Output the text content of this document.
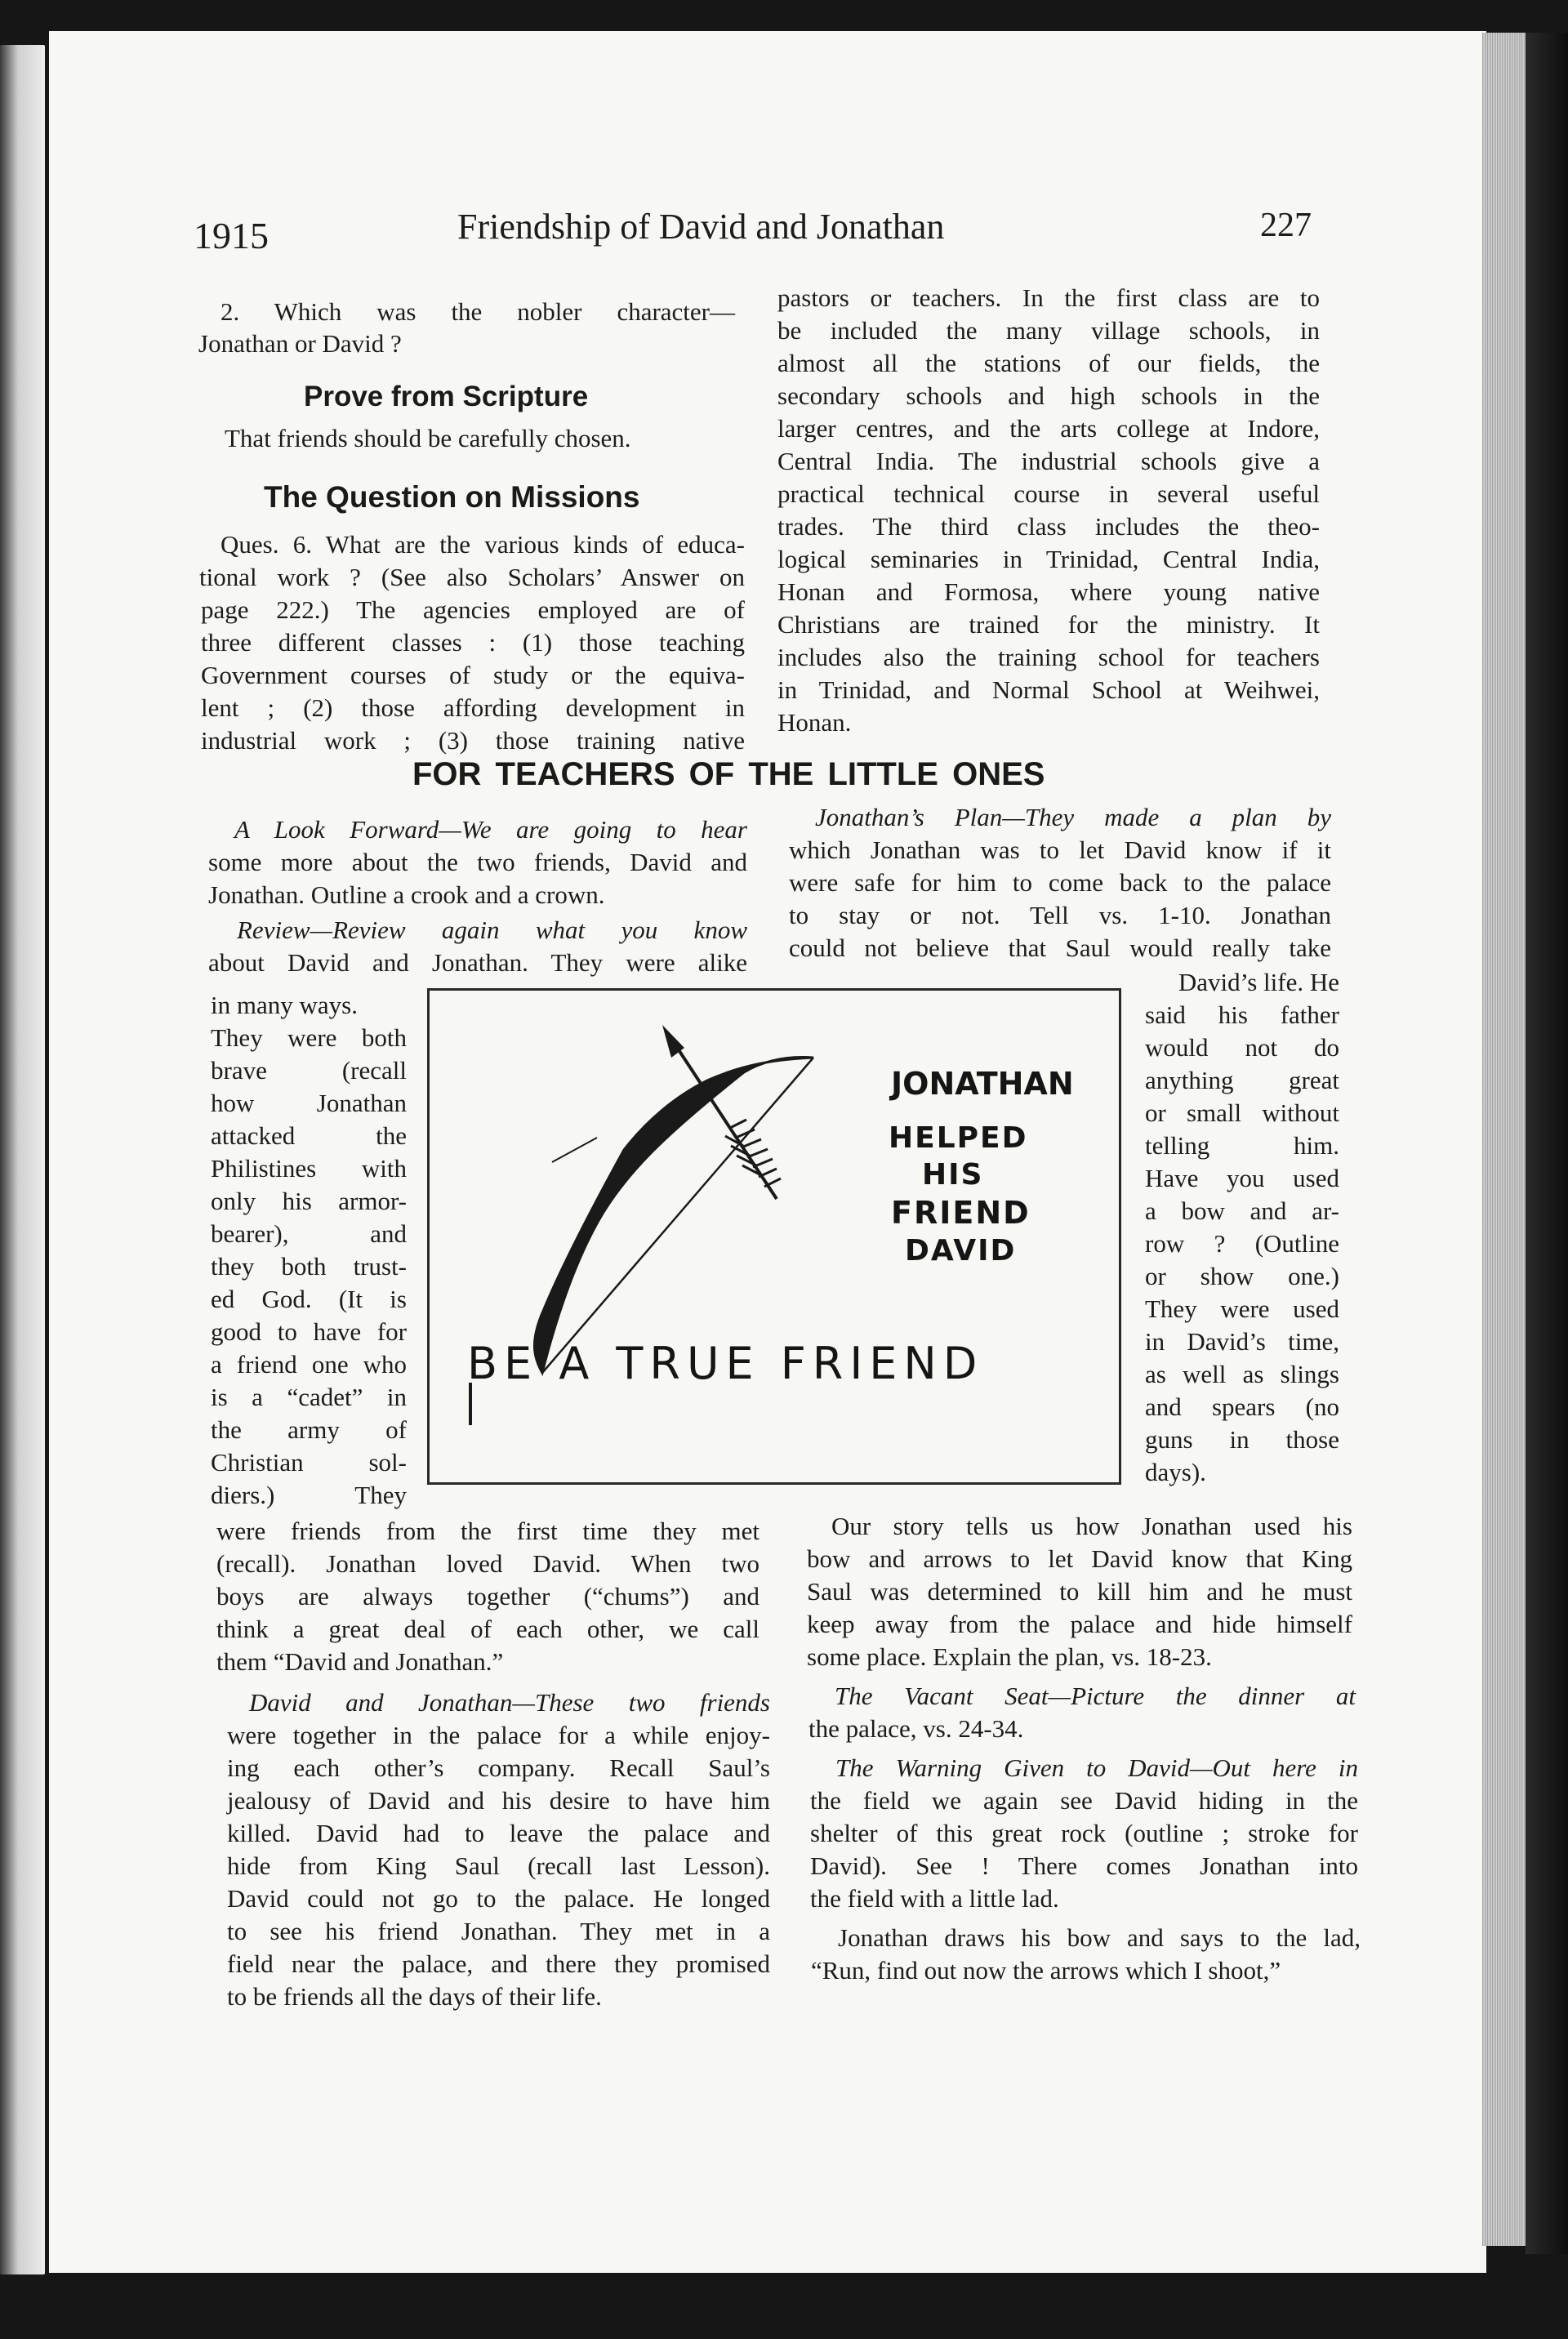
1915	Friendship of David and Jonathan	227

2. Which was the nobler character—

Jonathan or David ?

Prove from Scripture

That friends should be carefully chosen.

The Question on Missions

Ques. 6. What are the various kinds of educa-

tional work ? (See also Scholars’ Answer on

page 222.) The agencies employed are of

three different classes : (1) those teaching

Government courses of study or the equiva-

lent ; (2) those affording development in

industrial work ; (3) those training native

pastors or teachers. In the first class are to

be included the many village schools, in

almost all the stations of our fields, the

secondary schools and high schools in the

larger centres, and the arts college at Indore,

Central India. The industrial schools give a

practical technical course in several useful

trades. The third class includes the theo-

logical seminaries in Trinidad, Central India,

Honan and Formosa, where young native

Christians are trained for the ministry. It

includes also the training school for teachers

in Trinidad, and Normal School at Weihwei,

Honan.

FOR TEACHERS OF THE LITTLE ONES

A Look Forward—We are going to hear

some more about the two friends, David and

Jonathan. Outline a crook and a crown.

Review—Review again what you know

about David and Jonathan. They were alike

in many ways.

They were both

brave (recall

how Jonathan

attacked the

Philistines with

only his armor-

bearer), and

they both trust-

ed God. (It is

good to have for

a friend one who

is a “cadet” in

the army of

Christian sol-

diers.) They

were friends from the first time they met

(recall). Jonathan loved David. When two

boys are always together (“chums”) and

think a great deal of each other, we call

them “David and Jonathan.”

David and Jonathan—These two friends

were together in the palace for a while enjoy-

ing each other’s company. Recall Saul’s

jealousy of David and his desire to have him

killed. David had to leave the palace and

hide from King Saul (recall last Lesson).

David could not go to the palace. He longed

to see his friend Jonathan. They met in a

field near the palace, and there they promised

to be friends all the days of their life.

Jonathan’s Plan—They made a plan by

which Jonathan was to let David know if it

were safe for him to come back to the palace

to stay or not. Tell vs. 1-10. Jonathan

could not believe that Saul would really take

David’s life. He

said his father

would not do

anything great

or small without

telling him.

Have you used

a bow and ar-

row ? (Outline

or show one.)

They were used

in David’s time,

as well as slings

and spears (no

guns in those

days).

Our story tells us how Jonathan used his

bow and arrows to let David know that King

Saul was determined to kill him and he must

keep away from the palace and hide himself

some place. Explain the plan, vs. 18-23.

The Vacant Seat—Picture the dinner at

the palace, vs. 24-34.

The Warning Given to David—Out here in

the field we again see David hiding in the

shelter of this great rock (outline ; stroke for

David). See ! There comes Jonathan into

the field with a little lad.

Jonathan draws his bow and says to the lad,

“Run, find out now the arrows which I shoot,”

JONATHAN

HELPED

HIS

FRIEND

DAVID

BE A TRUE FRIEND
